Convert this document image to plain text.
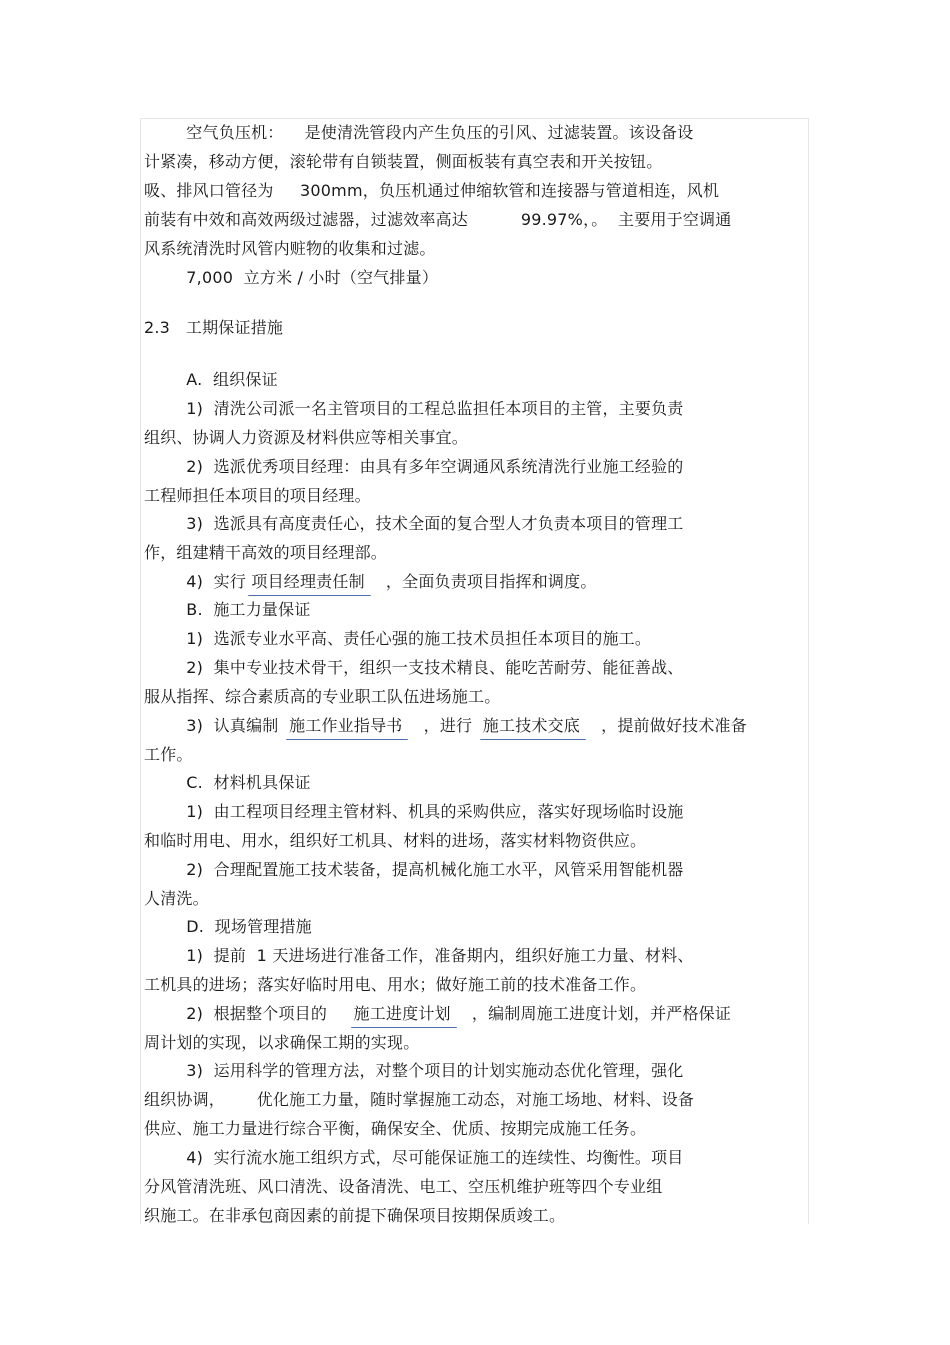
空气负压机：    是使清洗管段内产生负压的引风、过滤装置。该设备设
计紧凑，移动方便，滚轮带有自锁装置，侧面板装有真空表和开关按钮。
吸、排风口管径为     300mm，负压机通过伸缩软管和连接器与管道相连，风机
前装有中效和高效两级过滤器，过滤效率高达          99.97%，。  主要用于空调通
风系统清洗时风管内赃物的收集和过滤。
7,000  立方米 / 小时（空气排量）
2.3   工期保证措施
A.  组织保证
1)  清洗公司派一名主管项目的工程总监担任本项目的主管，主要负责
组织、协调人力资源及材料供应等相关事宜。
2)  选派优秀项目经理：由具有多年空调通风系统清洗行业施工经验的
工程师担任本项目的项目经理。
3)  选派具有高度责任心，技术全面的复合型人才负责本项目的管理工
作，组建精干高效的项目经理部。
4)  实行 项目经理责任制    ，全面负责项目指挥和调度。
B.  施工力量保证
1)  选派专业水平高、责任心强的施工技术员担任本项目的施工。
2)  集中专业技术骨干，组织一支技术精良、能吃苦耐劳、能征善战、
服从指挥、综合素质高的专业职工队伍进场施工。
3)  认真编制  施工作业指导书    ，进行  施工技术交底    ，提前做好技术准备
工作。
C.  材料机具保证
1)  由工程项目经理主管材料、机具的采购供应，落实好现场临时设施
和临时用电、用水，组织好工机具、材料的进场，落实材料物资供应。
2)  合理配置施工技术装备，提高机械化施工水平，风管采用智能机器
人清洗。
D.  现场管理措施
1)  提前  1 天进场进行准备工作，准备期内，组织好施工力量、材料、
工机具的进场；落实好临时用电、用水；做好施工前的技术准备工作。
2)  根据整个项目的     施工进度计划    ，编制周施工进度计划，并严格保证
周计划的实现，以求确保工期的实现。
3)  运用科学的管理方法，对整个项目的计划实施动态优化管理，强化
组织协调，      优化施工力量，随时掌握施工动态，对施工场地、材料、设备
供应、施工力量进行综合平衡，确保安全、优质、按期完成施工任务。
4)  实行流水施工组织方式，尽可能保证施工的连续性、均衡性。项目
分风管清洗班、风口清洗、设备清洗、电工、空压机维护班等四个专业组
织施工。在非承包商因素的前提下确保项目按期保质竣工。
